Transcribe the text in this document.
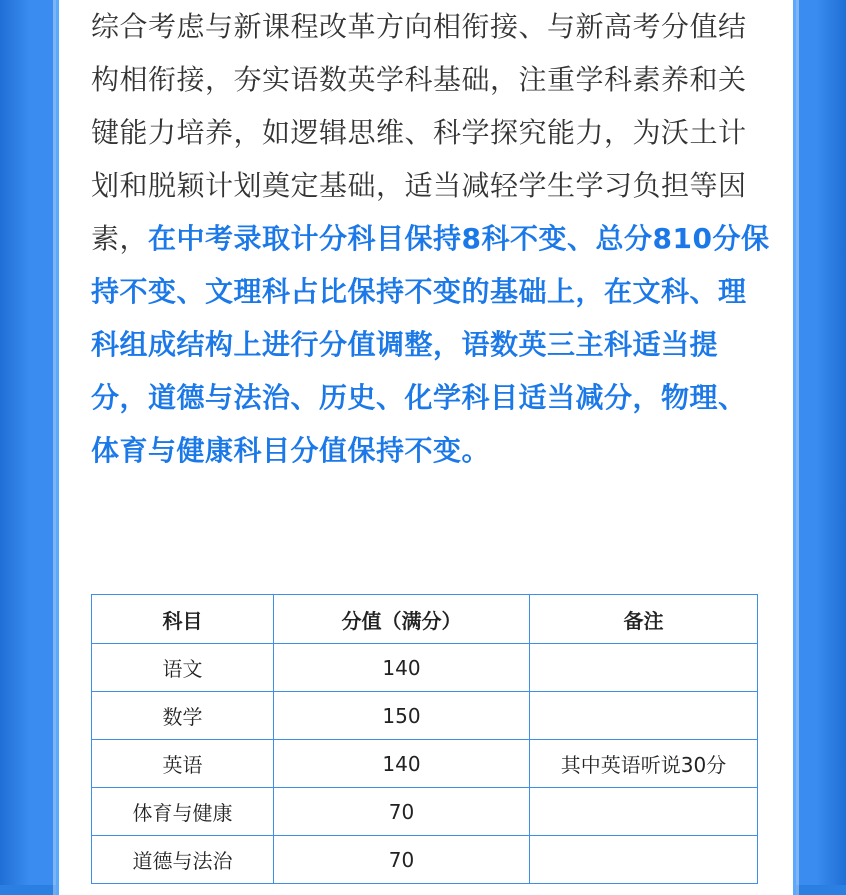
综合考虑与新课程改革方向相衔接、与新高考分值结构相衔接，夯实语数英学科基础，注重学科素养和关键能力培养，如逻辑思维、科学探究能力，为沃土计划和脱颖计划奠定基础，适当减轻学生学习负担等因素，在中考录取计分科目保持8科不变、总分810分保持不变、文理科占比保持不变的基础上，在文科、理科组成结构上进行分值调整，语数英三主科适当提分，道德与法治、历史、化学科目适当减分，物理、体育与健康科目分值保持不变。
科目	分值（满分）	备注
语文	140	
数学	150	
英语	140	其中英语听说30分
体育与健康	70	
道德与法治	70	
